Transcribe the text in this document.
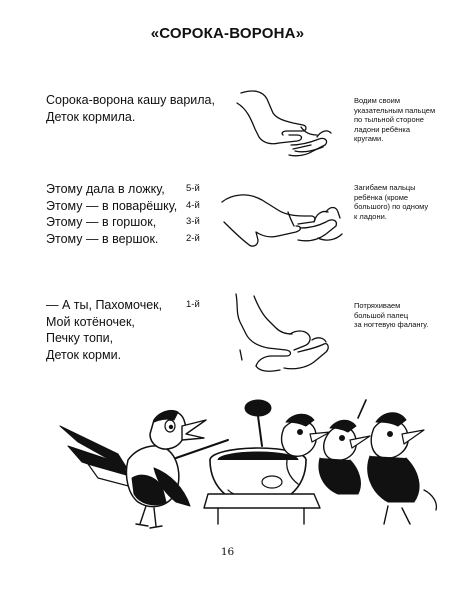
«СОРОКА-ВОРОНА»
Сорока-ворона кашу варила,
Деток кормила.
Водим своим
указательным пальцем
по тыльной стороне
ладони ребёнка
кругами.
Этому дала в ложку,
Этому — в поварёшку,
Этому — в горшок,
Этому — в вершок.
5-й
4-й
3-й
2-й
Загибаем пальцы
ребёнка (кроме
большого) по одному
к ладони.
— А ты, Пахомочек,
Мой котёночек,
Печку топи,
Деток корми.
1-й	Потряхиваем
большой палец
за ногтевую фалангу.
16
